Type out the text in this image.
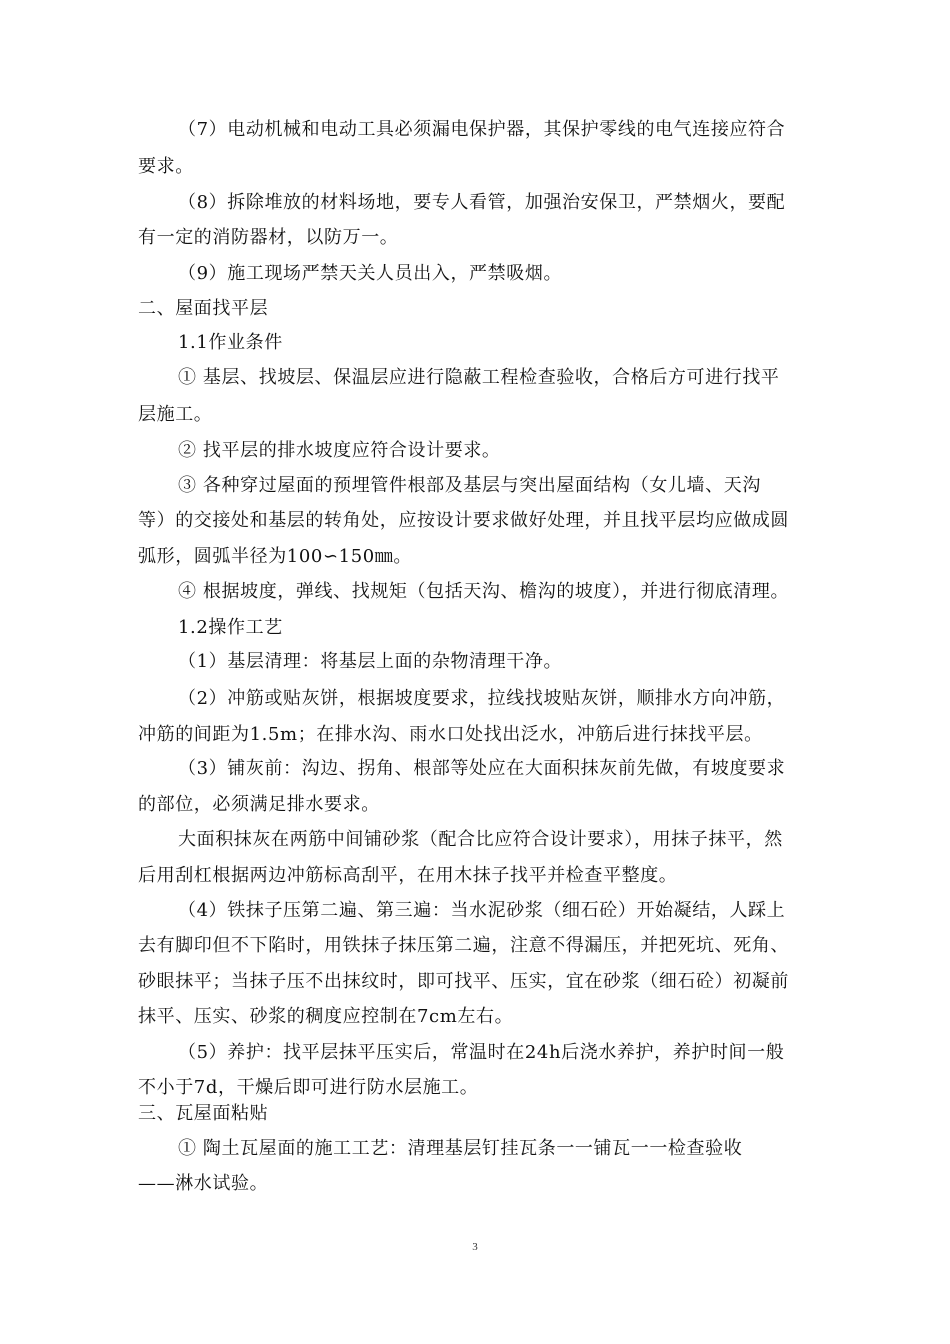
（7）电动机械和电动工具必须漏电保护器，其保护零线的电气连接应符合
要求。
（8）拆除堆放的材料场地，要专人看管，加强治安保卫，严禁烟火，要配
有一定的消防器材，以防万一。
（9）施工现场严禁天关人员出入，严禁吸烟。
二、屋面找平层
1.1作业条件
① 基层、找坡层、保温层应进行隐蔽工程检查验收，合格后方可进行找平
层施工。
② 找平层的排水坡度应符合设计要求。
③ 各种穿过屋面的预埋管件根部及基层与突出屋面结构（女儿墙、天沟
等）的交接处和基层的转角处，应按设计要求做好处理，并且找平层均应做成圆
弧形，圆弧半径为100∽150㎜。
④ 根据坡度，弹线、找规矩（包括天沟、檐沟的坡度），并进行彻底清理。
1.2操作工艺
（1）基层清理：将基层上面的杂物清理干净。
（2）冲筋或贴灰饼，根据坡度要求，拉线找坡贴灰饼，顺排水方向冲筋，
冲筋的间距为1.5m；在排水沟、雨水口处找出泛水，冲筋后进行抹找平层。
（3）铺灰前：沟边、拐角、根部等处应在大面积抹灰前先做，有坡度要求
的部位，必须满足排水要求。
大面积抹灰在两筋中间铺砂浆（配合比应符合设计要求），用抹子抹平，然
后用刮杠根据两边冲筋标高刮平，在用木抹子找平并检查平整度。
（4）铁抹子压第二遍、第三遍：当水泥砂浆（细石砼）开始凝结，人踩上
去有脚印但不下陷时，用铁抹子抹压第二遍，注意不得漏压，并把死坑、死角、
砂眼抹平；当抹子压不出抹纹时，即可找平、压实，宜在砂浆（细石砼）初凝前
抹平、压实、砂浆的稠度应控制在7cm左右。
（5）养护：找平层抹平压实后，常温时在24h后浇水养护，养护时间一般
不小于7d，干燥后即可进行防水层施工。
三、瓦屋面粘贴
① 陶土瓦屋面的施工工艺：清理基层钉挂瓦条一一铺瓦一一检查验收
——淋水试验。
3
